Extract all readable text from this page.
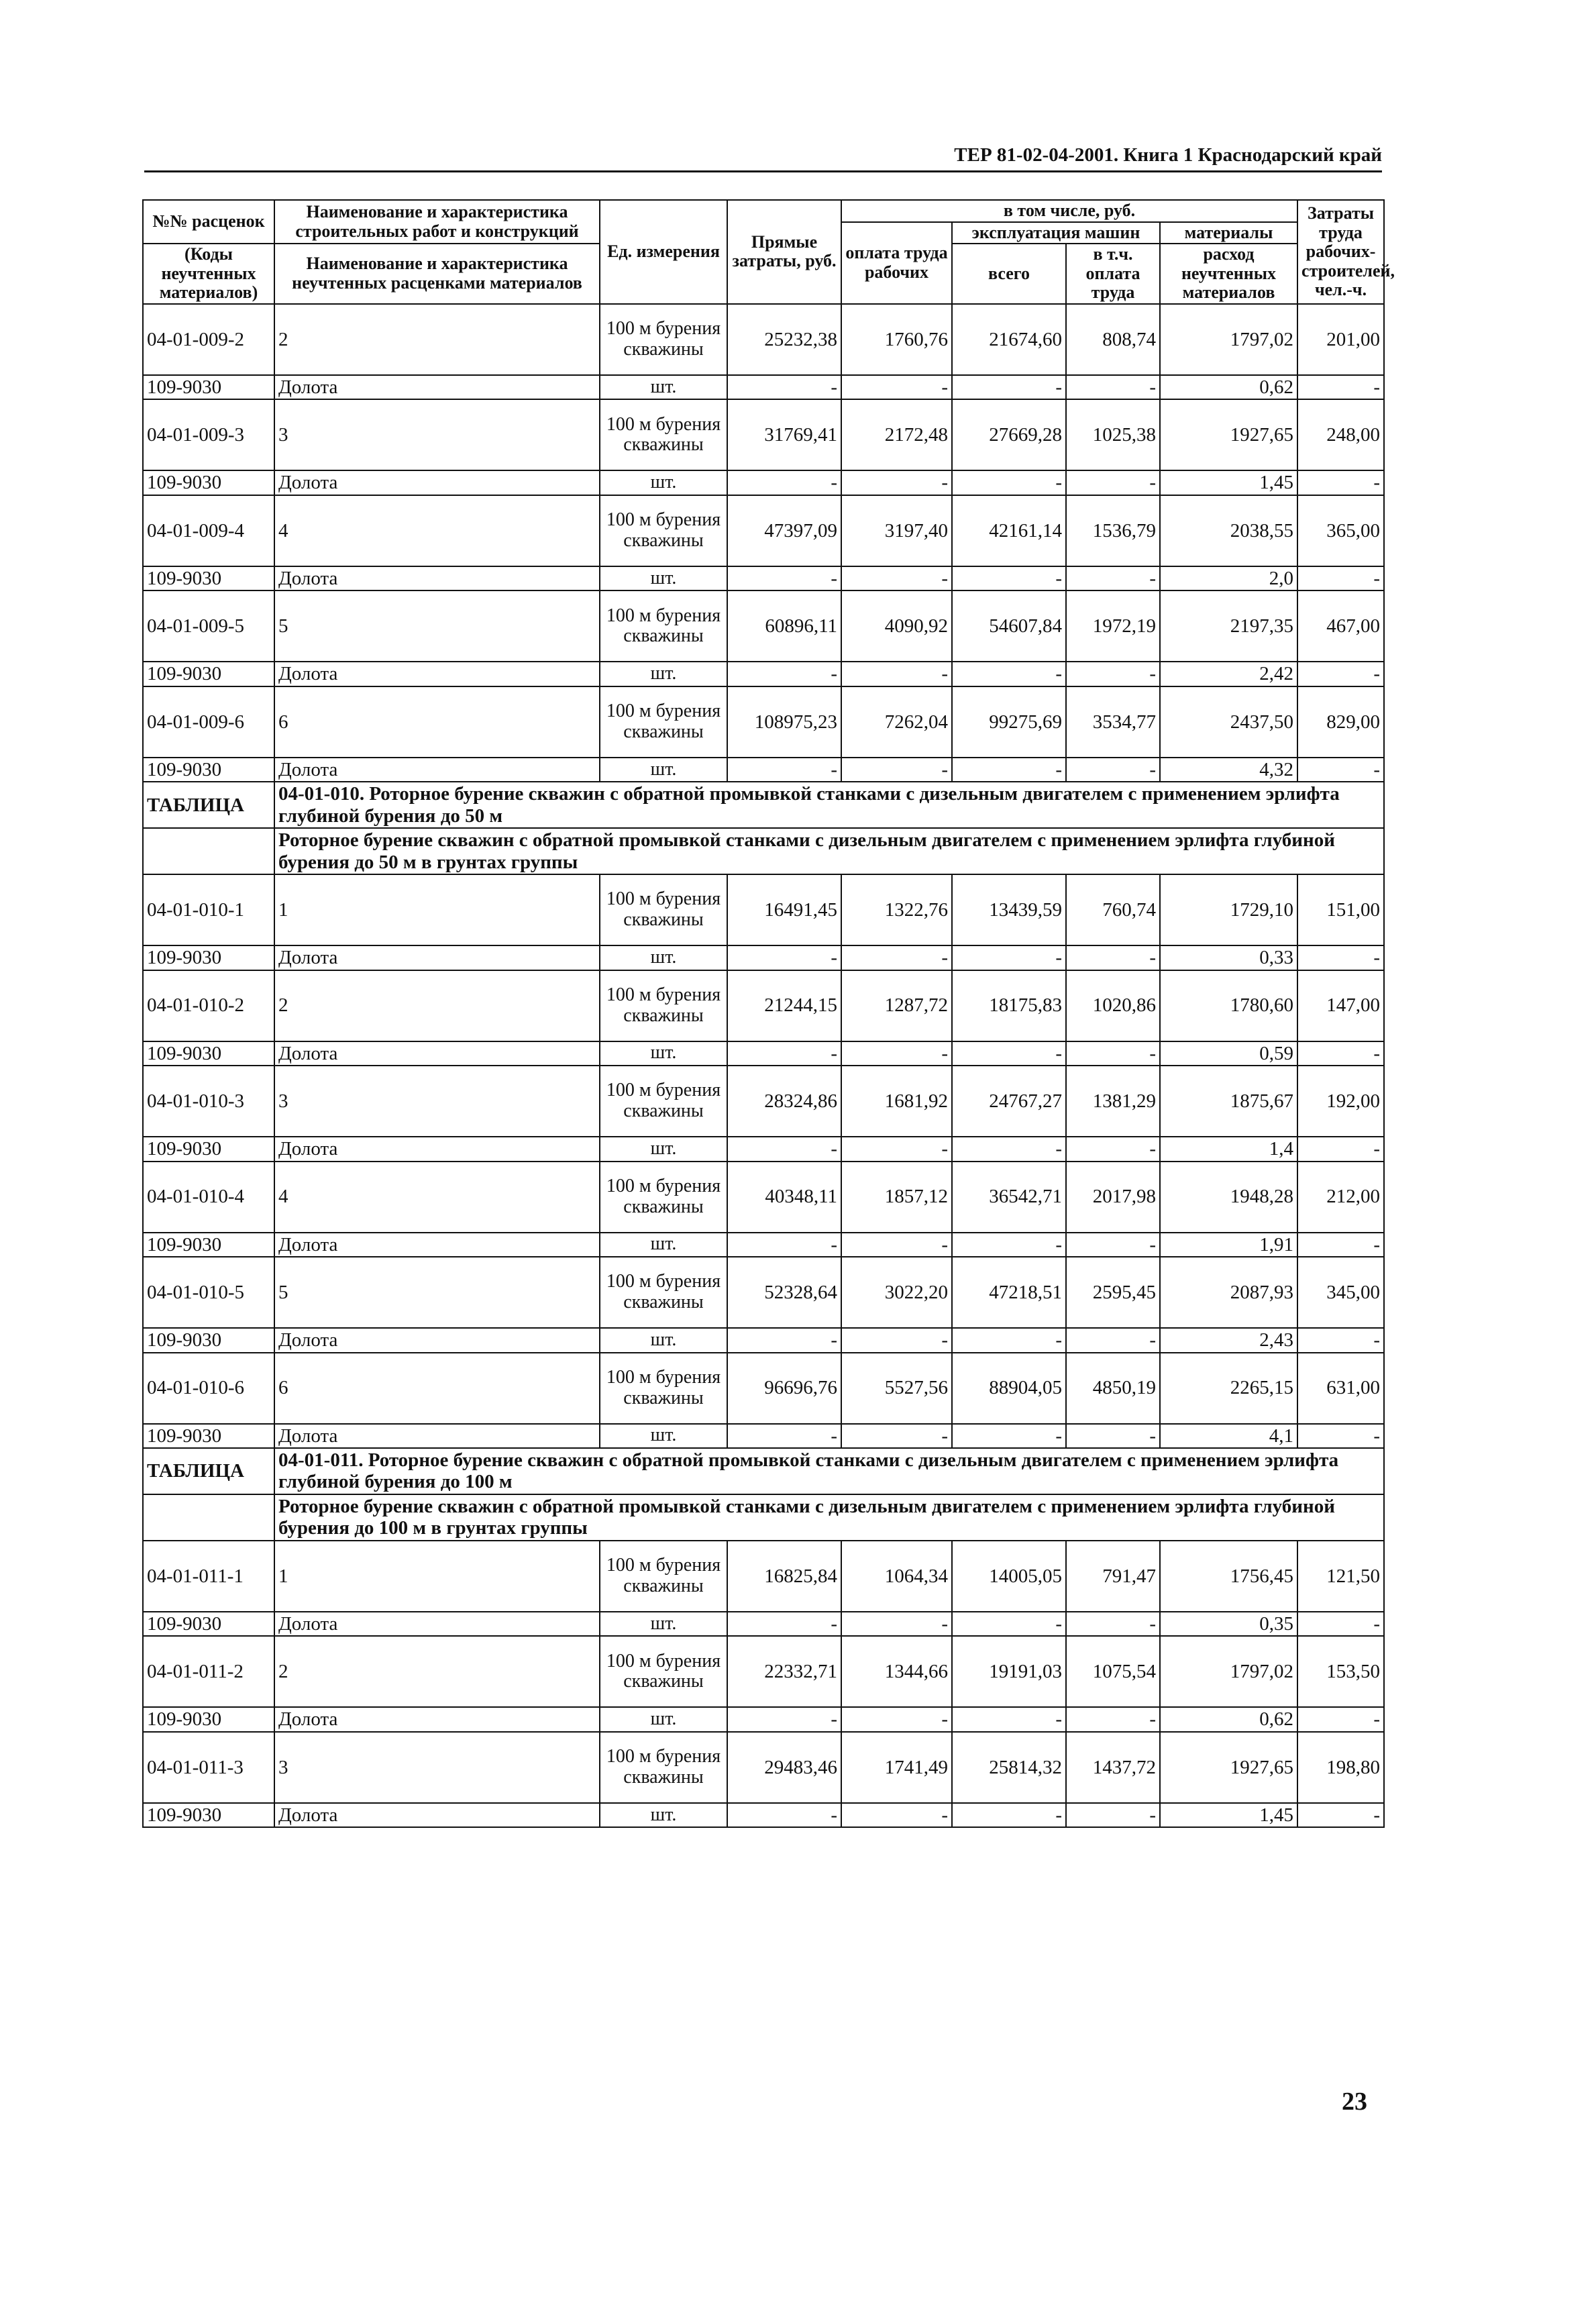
ТЕР 81-02-04-2001. Книга 1 Краснодарский край
№№ расценок	Наименование и характеристика строительных работ и конструкций	Ед. измерения	Прямые затраты, руб.	в том числе, руб.				Затраты труда рабочих-строителей, чел.-ч.
				оплата труда рабочих	эксплуатация машин		материалы	
(Коды неучтенных материалов)	Наименование и характеристика неучтенных расценками материалов				всего	в т.ч. оплата труда	расход неучтенных материалов	

04-01-009-2	2	100 м бурения скважины	25232,38	1760,76	21674,60	808,74	1797,02	201,00
109-9030	Долота	шт.	-	-	-	-	0,62	-
04-01-009-3	3	100 м бурения скважины	31769,41	2172,48	27669,28	1025,38	1927,65	248,00
109-9030	Долота	шт.	-	-	-	-	1,45	-
04-01-009-4	4	100 м бурения скважины	47397,09	3197,40	42161,14	1536,79	2038,55	365,00
109-9030	Долота	шт.	-	-	-	-	2,0	-
04-01-009-5	5	100 м бурения скважины	60896,11	4090,92	54607,84	1972,19	2197,35	467,00
109-9030	Долота	шт.	-	-	-	-	2,42	-
04-01-009-6	6	100 м бурения скважины	108975,23	7262,04	99275,69	3534,77	2437,50	829,00
109-9030	Долота	шт.	-	-	-	-	4,32	-
ТАБЛИЦА	04-01-010. Роторное бурение скважин с обратной промывкой станками с дизельным двигателем с применением эрлифта глубиной бурения до 50 м							
	Роторное бурение скважин с обратной промывкой станками с дизельным двигателем с применением эрлифта глубиной бурения до 50 м в грунтах группы							
04-01-010-1	1	100 м бурения скважины	16491,45	1322,76	13439,59	760,74	1729,10	151,00
109-9030	Долота	шт.	-	-	-	-	0,33	-
04-01-010-2	2	100 м бурения скважины	21244,15	1287,72	18175,83	1020,86	1780,60	147,00
109-9030	Долота	шт.	-	-	-	-	0,59	-
04-01-010-3	3	100 м бурения скважины	28324,86	1681,92	24767,27	1381,29	1875,67	192,00
109-9030	Долота	шт.	-	-	-	-	1,4	-
04-01-010-4	4	100 м бурения скважины	40348,11	1857,12	36542,71	2017,98	1948,28	212,00
109-9030	Долота	шт.	-	-	-	-	1,91	-
04-01-010-5	5	100 м бурения скважины	52328,64	3022,20	47218,51	2595,45	2087,93	345,00
109-9030	Долота	шт.	-	-	-	-	2,43	-
04-01-010-6	6	100 м бурения скважины	96696,76	5527,56	88904,05	4850,19	2265,15	631,00
109-9030	Долота	шт.	-	-	-	-	4,1	-
ТАБЛИЦА	04-01-011. Роторное бурение скважин с обратной промывкой станками с дизельным двигателем с применением эрлифта глубиной бурения до 100 м							
	Роторное бурение скважин с обратной промывкой станками с дизельным двигателем с применением эрлифта глубиной бурения до 100 м в грунтах группы							
04-01-011-1	1	100 м бурения скважины	16825,84	1064,34	14005,05	791,47	1756,45	121,50
109-9030	Долота	шт.	-	-	-	-	0,35	-
04-01-011-2	2	100 м бурения скважины	22332,71	1344,66	19191,03	1075,54	1797,02	153,50
109-9030	Долота	шт.	-	-	-	-	0,62	-
04-01-011-3	3	100 м бурения скважины	29483,46	1741,49	25814,32	1437,72	1927,65	198,80
109-9030	Долота	шт.	-	-	-	-	1,45	-
23
